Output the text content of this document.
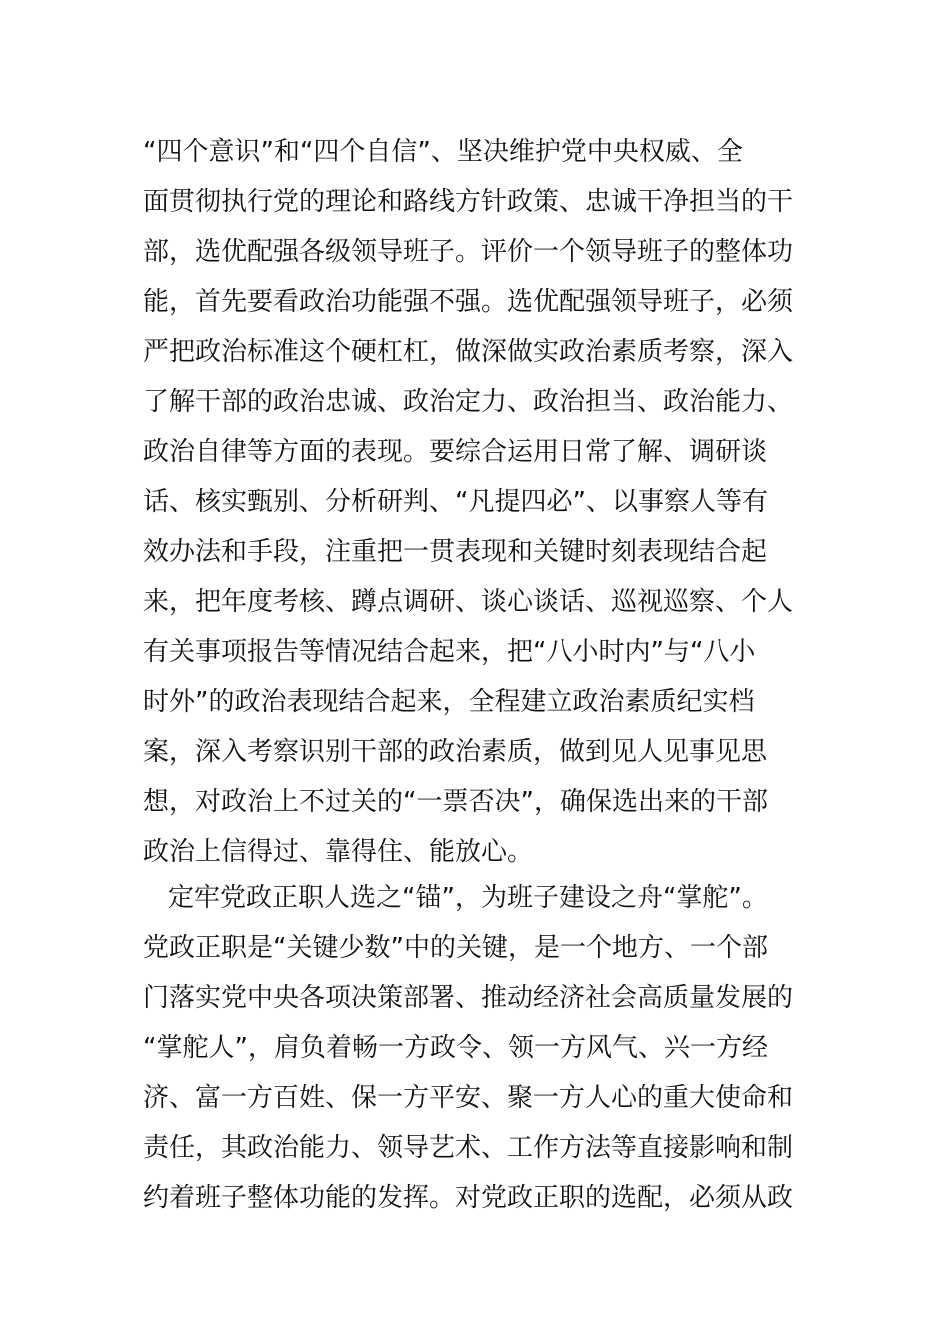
“四个意识”和“四个自信”、坚决维护党中央权威、全
面贯彻执行党的理论和路线方针政策、忠诚干净担当的干
部，选优配强各级领导班子。评价一个领导班子的整体功
能，首先要看政治功能强不强。选优配强领导班子，必须
严把政治标准这个硬杠杠，做深做实政治素质考察，深入
了解干部的政治忠诚、政治定力、政治担当、政治能力、
政治自律等方面的表现。要综合运用日常了解、调研谈
话、核实甄别、分析研判、“凡提四必”、以事察人等有
效办法和手段，注重把一贯表现和关键时刻表现结合起
来，把年度考核、蹲点调研、谈心谈话、巡视巡察、个人
有关事项报告等情况结合起来，把“八小时内”与“八小
时外”的政治表现结合起来，全程建立政治素质纪实档
案，深入考察识别干部的政治素质，做到见人见事见思
想，对政治上不过关的“一票否决”，确保选出来的干部
政治上信得过、靠得住、能放心。
定牢党政正职人选之“锚”，为班子建设之舟“掌舵”。
党政正职是“关键少数”中的关键，是一个地方、一个部
门落实党中央各项决策部署、推动经济社会高质量发展的
“掌舵人”，肩负着畅一方政令、领一方风气、兴一方经
济、富一方百姓、保一方平安、聚一方人心的重大使命和
责任，其政治能力、领导艺术、工作方法等直接影响和制
约着班子整体功能的发挥。对党政正职的选配，必须从政
